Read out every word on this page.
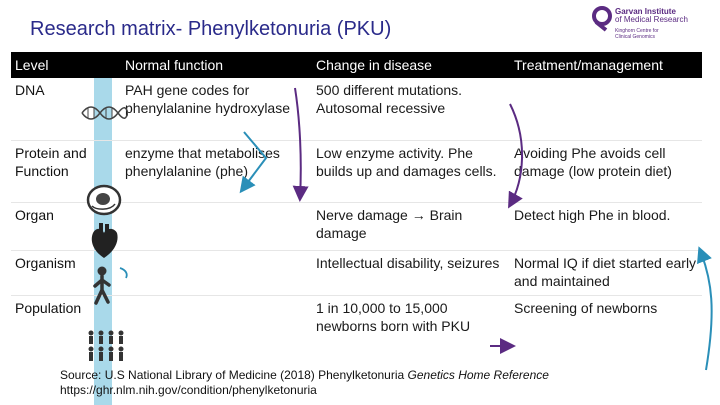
Research matrix- Phenylketonuria (PKU)
Garvan Institute
of Medical Research
Kinghorn Centre for
Clinical Genomics
Level	Normal function	Change in disease	Treatment/management
DNA	PAH gene codes for phenylalanine hydroxylase	500 different mutations. Autosomal recessive	
Protein and Function	enzyme that metabolises phenylalanine (phe)	Low enzyme activity. Phe builds up and damages cells.	Avoiding Phe avoids cell damage (low protein diet)
Organ		Nerve damage → Brain damage	Detect high Phe in blood.
Organism		Intellectual disability, seizures	Normal IQ if diet started early and maintained
Population		1 in 10,000 to 15,000 newborns born with PKU	Screening of newborns
Source: U.S National Library of Medicine (2018) Phenylketonuria Genetics Home Reference
https://ghr.nlm.nih.gov/condition/phenylketonuria
